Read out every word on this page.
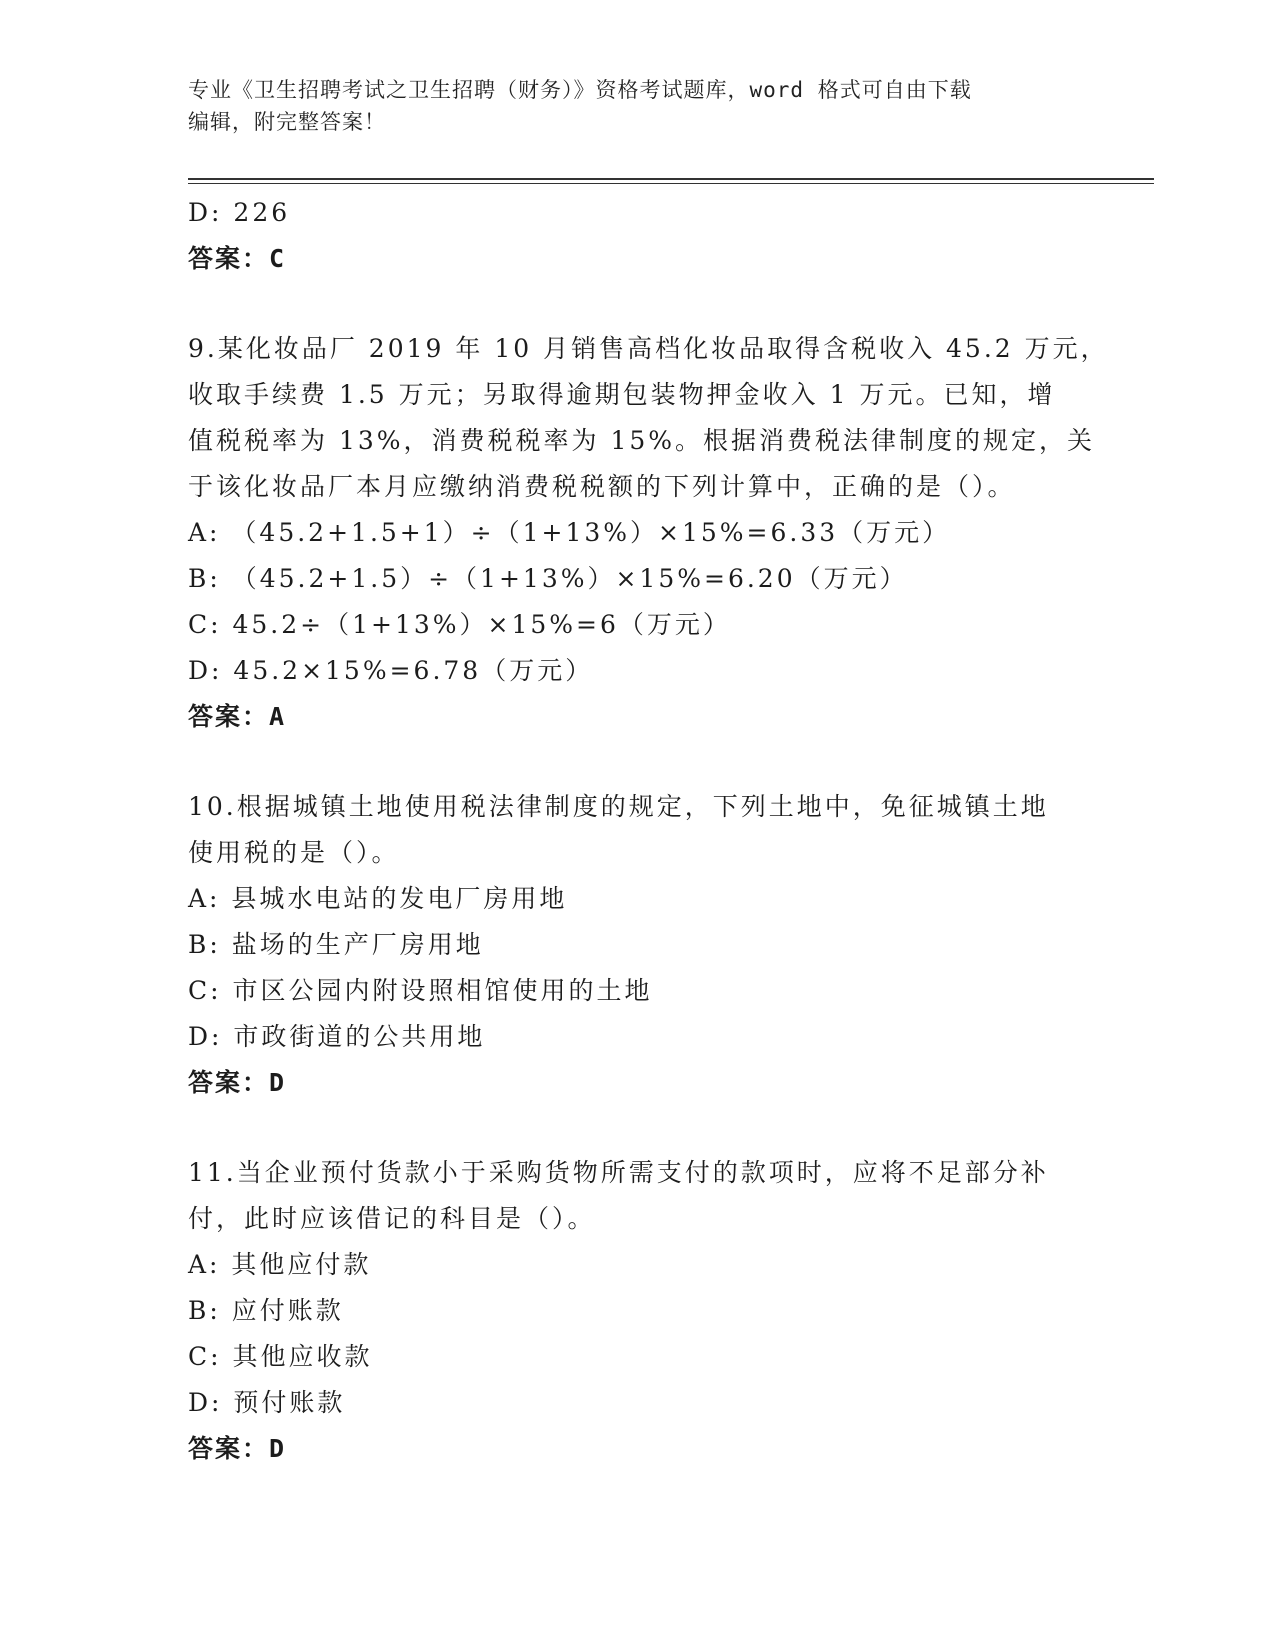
专业《卫生招聘考试之卫生招聘（财务）》资格考试题库，word 格式可自由下载
编辑，附完整答案！
D: 226
答案：C
9.某化妆品厂 2019 年 10 月销售高档化妆品取得含税收入 45.2 万元，
收取手续费 1.5 万元；另取得逾期包装物押金收入 1 万元。已知，增
值税税率为 13%，消费税税率为 15%。根据消费税法律制度的规定，关
于该化妆品厂本月应缴纳消费税税额的下列计算中，正确的是（）。
A: （45.2+1.5+1）÷（1+13%）×15%=6.33（万元）
B: （45.2+1.5）÷（1+13%）×15%=6.20（万元）
C: 45.2÷（1+13%）×15%=6（万元）
D: 45.2×15%=6.78（万元）
答案：A
10.根据城镇土地使用税法律制度的规定，下列土地中，免征城镇土地
使用税的是（）。
A: 县城水电站的发电厂房用地
B: 盐场的生产厂房用地
C: 市区公园内附设照相馆使用的土地
D: 市政街道的公共用地
答案：D
11.当企业预付货款小于采购货物所需支付的款项时，应将不足部分补
付，此时应该借记的科目是（）。
A: 其他应付款
B: 应付账款
C: 其他应收款
D: 预付账款
答案：D
